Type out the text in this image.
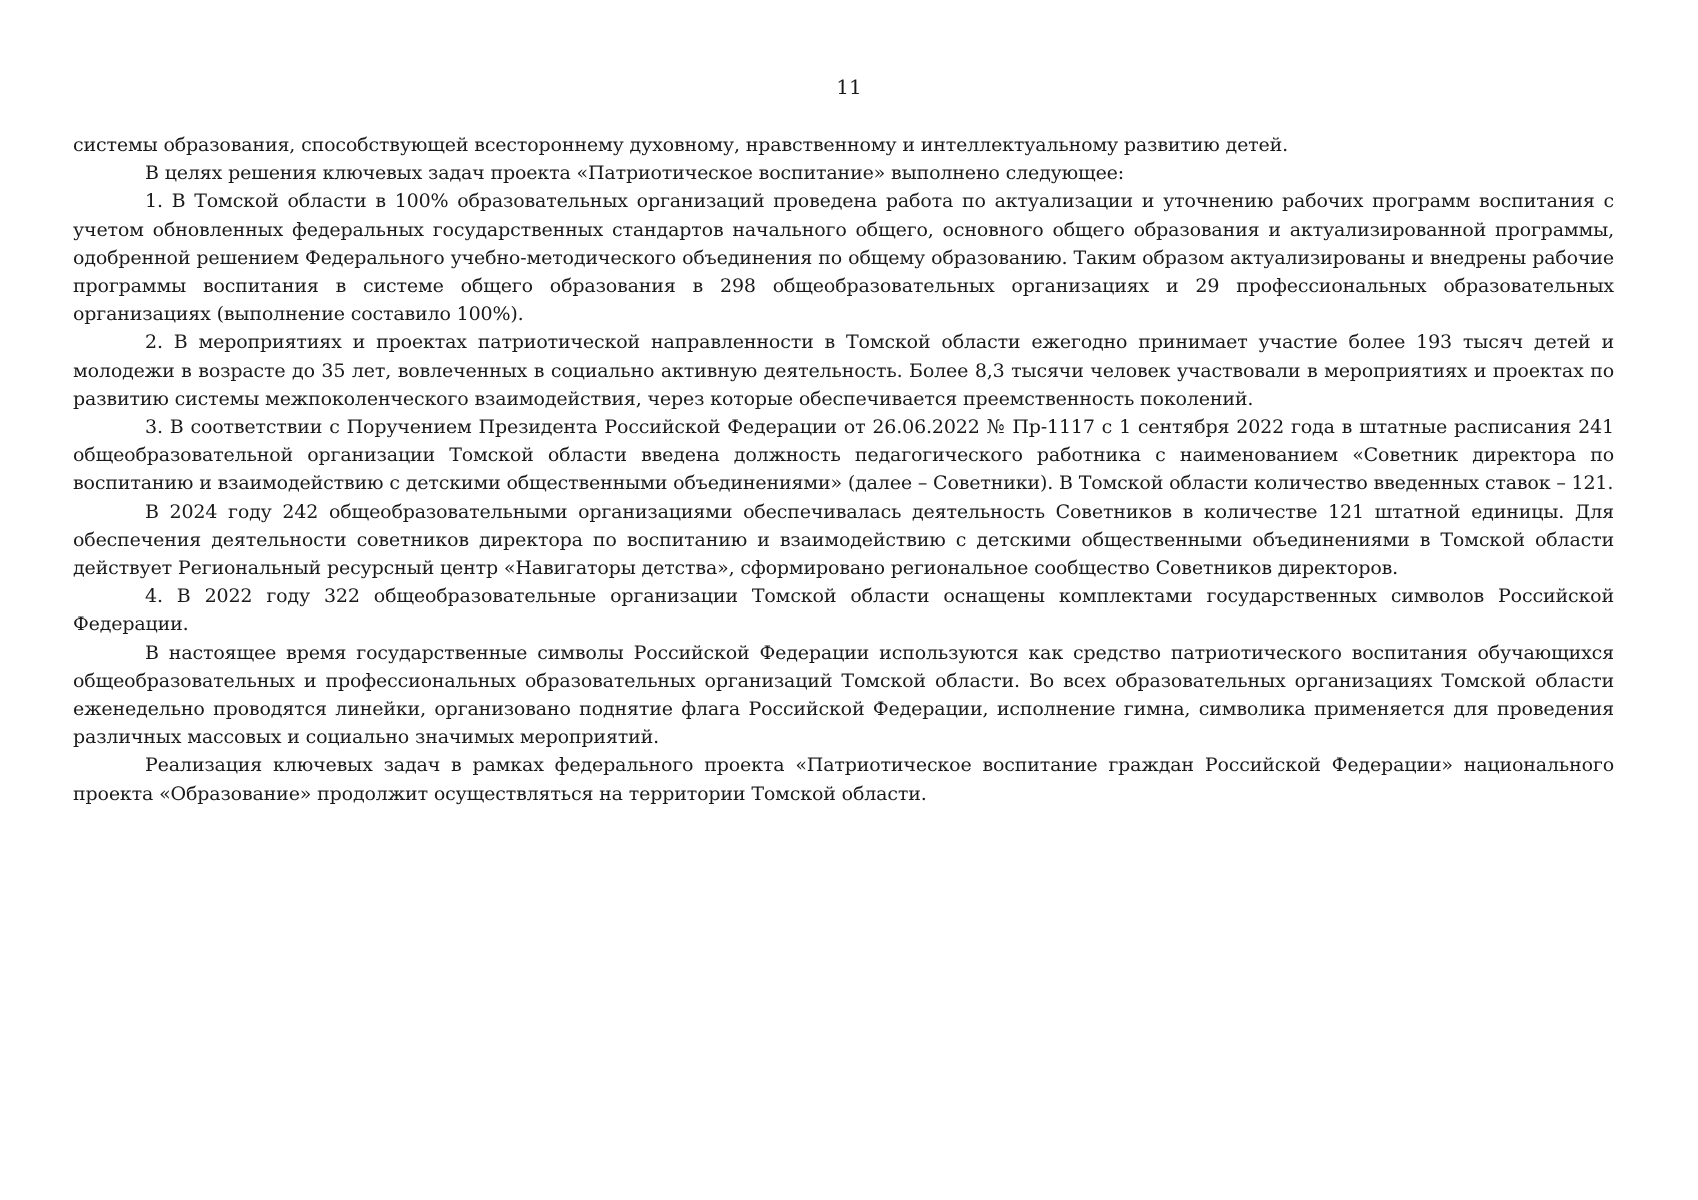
11

системы образования, способствующей всестороннему духовному, нравственному и интеллектуальному развитию детей.

В целях решения ключевых задач проекта «Патриотическое воспитание» выполнено следующее:

1. В Томской области в 100% образовательных организаций проведена работа по актуализации и уточнению рабочих программ воспитания с учетом обновленных федеральных государственных стандартов начального общего, основного общего образования и актуализированной программы, одобренной решением Федерального учебно-методического объединения по общему образованию. Таким образом актуализированы и внедрены рабочие программы воспитания в системе общего образования в 298 общеобразовательных организациях и 29 профессиональных образовательных организациях (выполнение составило 100%).

2. В мероприятиях и проектах патриотической направленности в Томской области ежегодно принимает участие более 193 тысяч детей и молодежи в возрасте до 35 лет, вовлеченных в социально активную деятельность. Более 8,3 тысячи человек участвовали в мероприятиях и проектах по развитию системы межпоколенческого взаимодействия, через которые обеспечивается преемственность поколений.

3. В соответствии с Поручением Президента Российской Федерации от 26.06.2022 № Пр-1117 с 1 сентября 2022 года в штатные расписания 241 общеобразовательной организации Томской области введена должность педагогического работника с наименованием «Советник директора по воспитанию и взаимодействию с детскими общественными объединениями» (далее – Советники). В Томской области количество введенных ставок – 121.

В 2024 году 242 общеобразовательными организациями обеспечивалась деятельность Советников в количестве 121 штатной единицы. Для обеспечения деятельности советников директора по воспитанию и взаимодействию с детскими общественными объединениями в Томской области действует Региональный ресурсный центр «Навигаторы детства», сформировано региональное сообщество Советников директоров.

4. В 2022 году 322 общеобразовательные организации Томской области оснащены комплектами государственных символов Российской Федерации.

В настоящее время государственные символы Российской Федерации используются как средство патриотического воспитания обучающихся общеобразовательных и профессиональных образовательных организаций Томской области. Во всех образовательных организациях Томской области еженедельно проводятся линейки, организовано поднятие флага Российской Федерации, исполнение гимна, символика применяется для проведения различных массовых и социально значимых мероприятий.

Реализация ключевых задач в рамках федерального проекта «Патриотическое воспитание граждан Российской Федерации» национального проекта «Образование» продолжит осуществляться на территории Томской области.
